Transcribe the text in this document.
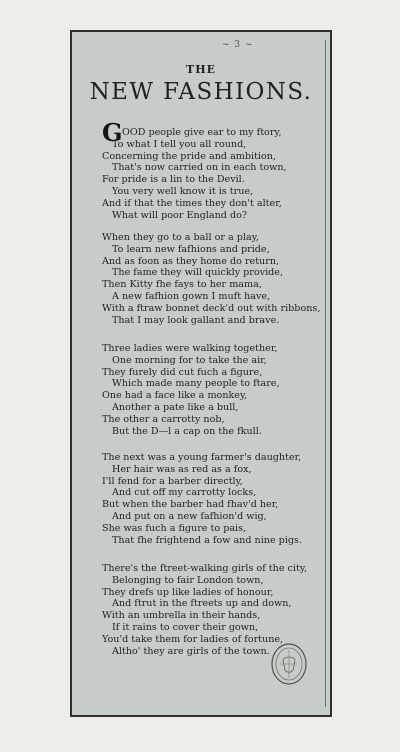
~ 3 ~
THE
NEW FASHIONS.
G OOD people give ear to my ftory,
To what I tell you all round,
Concerning the pride and ambition,
That's now carried on in each town,
For pride is a lin to the Devil.
You very well know it is true,
And if that the times they don't alter,
What will poor England do?
When they go to a ball or a play,
To learn new fafhions and pride,
And as foon as they home do return,
The fame they will quickly provide,
Then Kitty fhe fays to her mama,
A new fafhion gown I muft have,
With a ftraw bonnet deck'd out with ribbons,
That I may look gallant and brave.
Three ladies were walking together,
One morning for to take the air,
They furely did cut fuch a figure,
Which made many people to ftare,
One had a face like a monkey,
Another a pate like a bull,
The other a carrotty nob,
But the D—l a cap on the fkull.
The next was a young farmer's daughter,
Her hair was as red as a fox,
I'll fend for a barber directly,
And cut off my carrotty locks,
But when the barber had fhav'd her,
And put on a new fafhion'd wig,
She was fuch a figure to pais,
That fhe frightend a fow and nine pigs.
There's the ftreet-walking girls of the city,
Belonging to fair London town,
They drefs up like ladies of honour,
And ftrut in the ftreets up and down,
With an umbrella in their hands,
If it rains to cover their gown,
You'd take them for ladies of fortune,
Altho' they are girls of the town.
